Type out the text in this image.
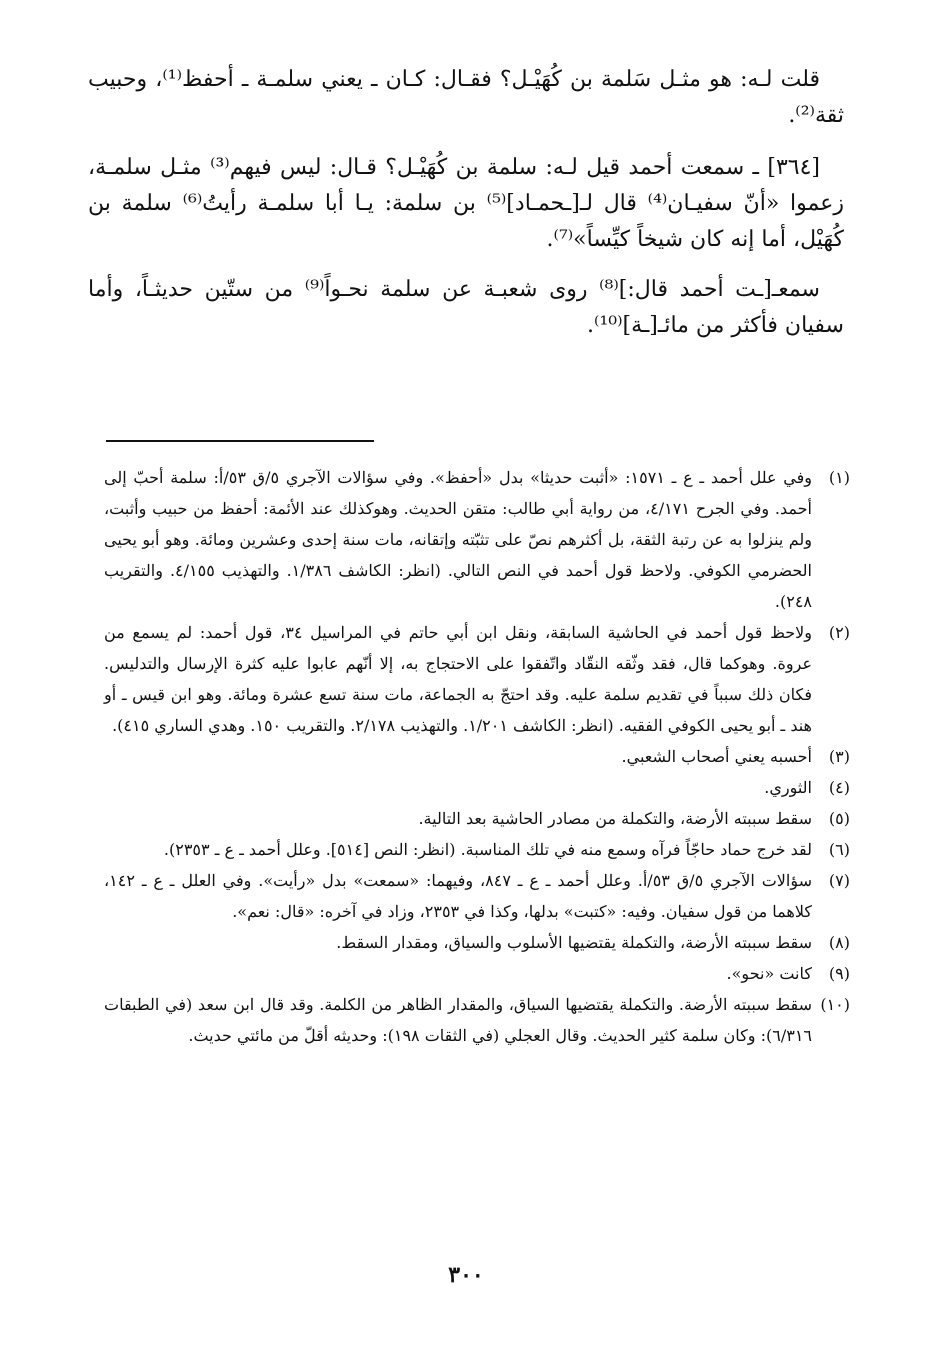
قلت لـه: هو مثـل سَلمة بن كُهَيْـل؟ فقـال: كـان ـ يعني سلمـة ـ أحفظ⁽¹⁾، وحبيب ثقة⁽²⁾.

[٣٦٤] ـ سمعت أحمد قيل لـه: سلمة بن كُهَيْـل؟ قـال: ليس فيهم⁽³⁾ مثـل سلمـة، زعموا «أنّ سفيـان⁽⁴⁾ قال لـ[ـحمـاد]⁽⁵⁾ بن سلمة: يـا أبا سلمـة رأيتُ⁽⁶⁾ سلمة بن كُهَيْل، أما إنه كان شيخاً كيِّساً»⁽⁷⁾.

سمعـ[ـت أحمد قال:]⁽⁸⁾ روى شعبـة عن سلمة نحـواً⁽⁹⁾ من ستّين حديثـاً، وأما سفيان فأكثر من مائـ[ـة]⁽¹⁰⁾.

(١)
وفي علل أحمد ـ ع ـ ١٥٧١: «أثبت حديثا» بدل «أحفظ». وفي سؤالات الآجري ٥/ق ٥٣/أ: سلمة أحبّ إلى أحمد. وفي الجرح ٤/١٧١، من رواية أبي طالب: متقن الحديث. وهوكذلك عند الأئمة: أحفظ من حبيب وأثبت، ولم ينزلوا به عن رتبة الثقة، بل أكثرهم نصّ على تثبّته وإتقانه، مات سنة إحدى وعشرين ومائة. وهو أبو يحيى الحضرمي الكوفي. ولاحظ قول أحمد في النص التالي. (انظر: الكاشف ١/٣٨٦. والتهذيب ٤/١٥٥. والتقريب ٢٤٨).
(٢)
ولاحظ قول أحمد في الحاشية السابقة، ونقل ابن أبي حاتم في المراسيل ٣٤، قول أحمد: لم يسمع من عروة. وهوكما قال، فقد وثّقه النقّاد واتّفقوا على الاحتجاج به، إلا أنّهم عابوا عليه كثرة الإرسال والتدليس. فكان ذلك سبباً في تقديم سلمة عليه. وقد احتجّ به الجماعة، مات سنة تسع عشرة ومائة. وهو ابن قيس ـ أو هند ـ أبو يحيى الكوفي الفقيه. (انظر: الكاشف ١/٢٠١. والتهذيب ٢/١٧٨. والتقريب ١٥٠. وهدي الساري ٤١٥).
(٣)
أحسبه يعني أصحاب الشعبي.
(٤)
الثوري.
(٥)
سقط سببته الأرضة، والتكملة من مصادر الحاشية بعد التالية.
(٦)
لقد خرج حماد حاجّاً فرآه وسمع منه في تلك المناسبة. (انظر: النص [٥١٤]. وعلل أحمد ـ ع ـ ٢٣٥٣).
(٧)
سؤالات الآجري ٥/ق ٥٣/أ. وعلل أحمد ـ ع ـ ٨٤٧، وفيهما: «سمعت» بدل «رأيت». وفي العلل ـ ع ـ ١٤٢، كلاهما من قول سفيان. وفيه: «كتبت» بدلها، وكذا في ٢٣٥٣، وزاد في آخره: «قال: نعم».
(٨)
سقط سببته الأرضة، والتكملة يقتضيها الأسلوب والسياق، ومقدار السقط.
(٩)
كانت «نحو».
(١٠)
سقط سببته الأرضة. والتكملة يقتضيها السياق، والمقدار الظاهر من الكلمة. وقد قال ابن سعد (في الطبقات ٦/٣١٦): وكان سلمة كثير الحديث. وقال العجلي (في الثقات ١٩٨): وحديثه أقلّ من مائتي حديث.
٣٠٠
